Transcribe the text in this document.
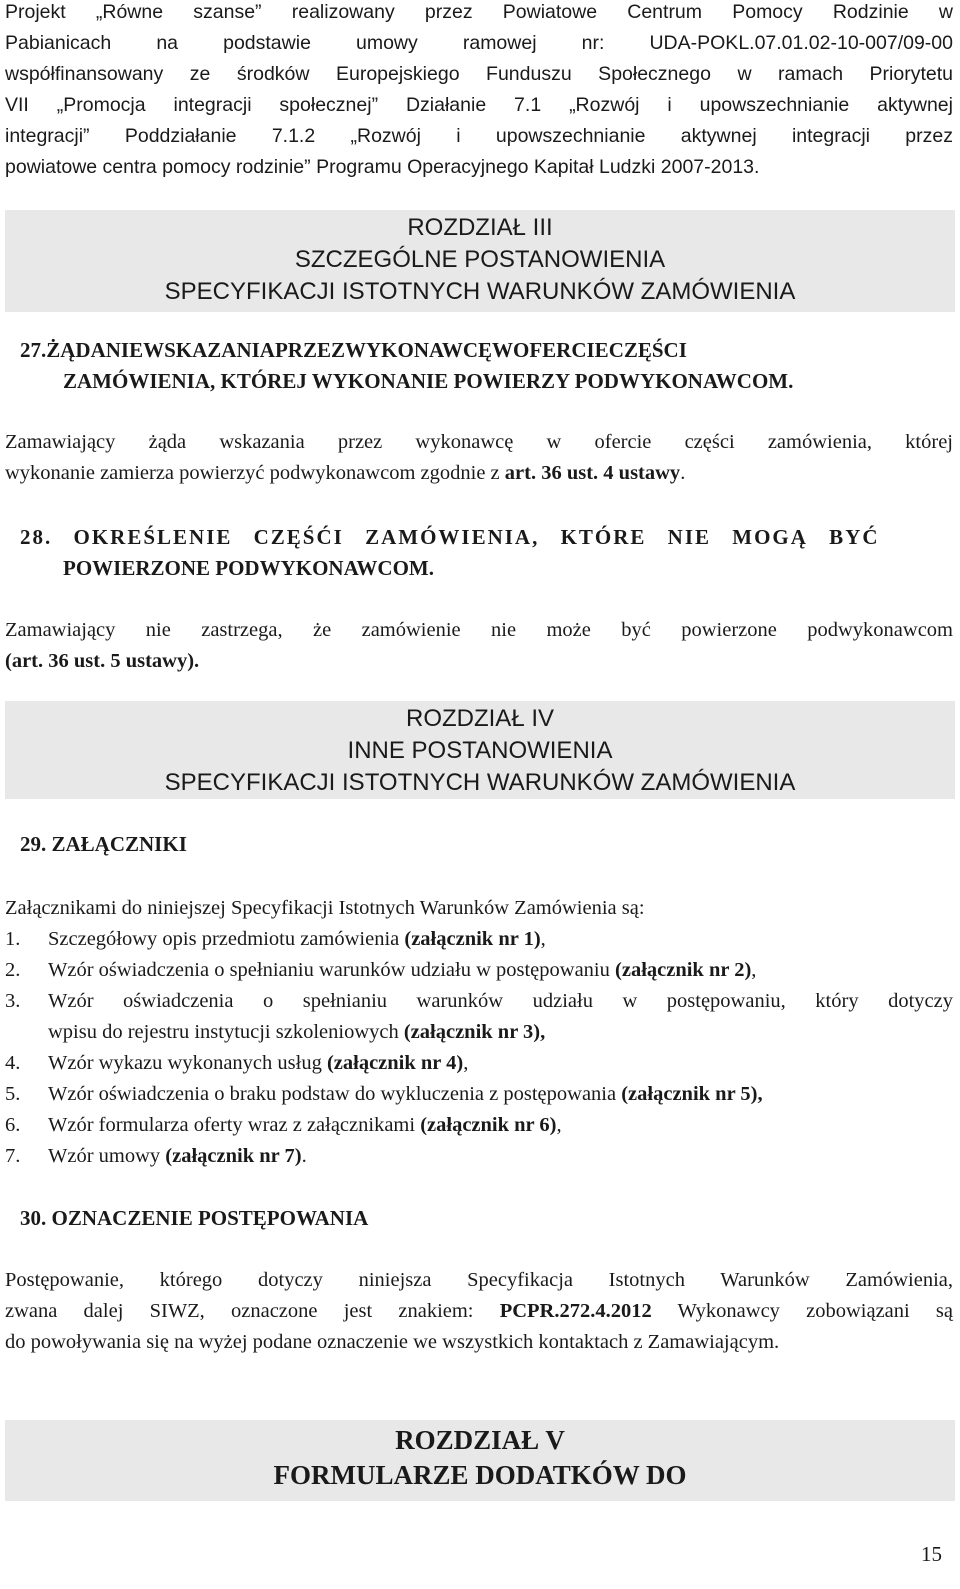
Projekt „Równe szanse” realizowany przez Powiatowe Centrum Pomocy Rodzinie w
Pabianicach na podstawie umowy ramowej nr: UDA-POKL.07.01.02-10-007/09-00
współfinansowany ze środków Europejskiego Funduszu Społecznego w ramach Priorytetu
VII „Promocja integracji społecznej” Działanie 7.1 „Rozwój i upowszechnianie aktywnej
integracji” Poddziałanie 7.1.2 „Rozwój i upowszechnianie aktywnej integracji przez
powiatowe centra pomocy rodzinie” Programu Operacyjnego Kapitał Ludzki 2007-2013.
ROZDZIAŁ III
SZCZEGÓLNE POSTANOWIENIA
SPECYFIKACJI ISTOTNYCH WARUNKÓW ZAMÓWIENIA
27.ŻĄDANIEWSKAZANIAPRZEZWYKONAWCĘWOFERCIECZĘŚCI
ZAMÓWIENIA, KTÓREJ WYKONANIE POWIERZY PODWYKONAWCOM.
Zamawiający żąda wskazania przez wykonawcę w ofercie części zamówienia, której
wykonanie zamierza powierzyć podwykonawcom zgodnie z art. 36 ust. 4 ustawy.
28. OKREŚLENIE CZĘŚĆI ZAMÓWIENIA, KTÓRE NIE MOGĄ BYĆ
POWIERZONE PODWYKONAWCOM.
Zamawiający nie zastrzega, że zamówienie nie może być powierzone podwykonawcom
(art. 36 ust. 5 ustawy).
ROZDZIAŁ IV
INNE POSTANOWIENIA
SPECYFIKACJI ISTOTNYCH WARUNKÓW ZAMÓWIENIA
29. ZAŁĄCZNIKI
Załącznikami do niniejszej Specyfikacji Istotnych Warunków Zamówienia są:
1.	Szczegółowy opis przedmiotu zamówienia (załącznik nr 1),
2.	Wzór oświadczenia o spełnianiu warunków udziału w postępowaniu (załącznik nr 2),
3.	Wzór oświadczenia o spełnianiu warunków udziału w postępowaniu, który dotyczy
wpisu do rejestru instytucji szkoleniowych (załącznik nr 3),
4.	Wzór wykazu wykonanych usług (załącznik nr 4),
5.	Wzór oświadczenia o braku podstaw do wykluczenia z postępowania (załącznik nr 5),
6.	Wzór formularza oferty wraz z załącznikami (załącznik nr 6),
7.	Wzór umowy (załącznik nr 7).
30. OZNACZENIE POSTĘPOWANIA
Postępowanie, którego dotyczy niniejsza Specyfikacja Istotnych Warunków Zamówienia,
zwana dalej SIWZ, oznaczone jest znakiem: PCPR.272.4.2012 Wykonawcy zobowiązani są
do powoływania się na wyżej podane oznaczenie we wszystkich kontaktach z Zamawiającym.
ROZDZIAŁ V
FORMULARZE DODATKÓW DO
15
